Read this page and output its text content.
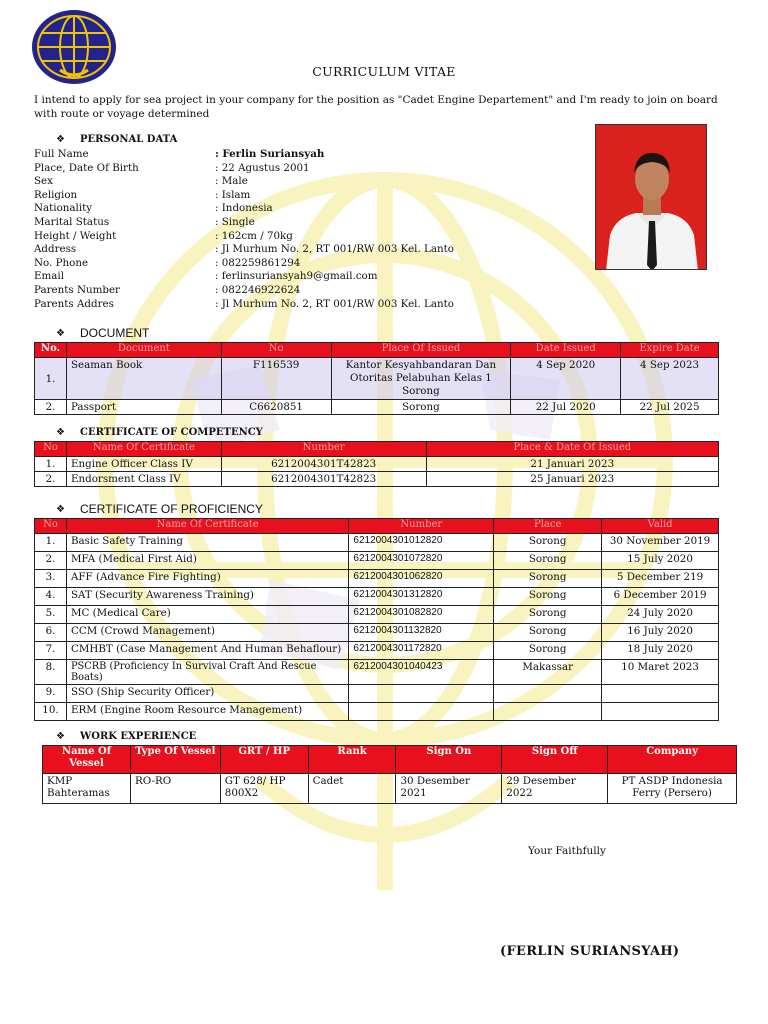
CURRICULUM VITAE
I intend to apply for sea project in your company for the position as "Cadet Engine Departement" and I'm ready to join on board with route or voyage determined
❖	PERSONAL DATA
Full Name	: Ferlin Suriansyah
Place, Date Of Birth	: 22 Agustus 2001
Sex	: Male
Religion	: Islam
Nationality	: Indonesia
Marital Status	: Single
Height / Weight	: 162cm / 70kg
Address	: Jl Murhum No. 2, RT 001/RW 003 Kel. Lanto
No. Phone	: 082259861294
Email	: ferlinsuriansyah9@gmail.com
Parents Number	: 082246922624
Parents Addres	: Jl Murhum No. 2, RT 001/RW 003 Kel. Lanto
❖	DOCUMENT
No.	Document	No	Place Of Issued	Date Issued	Expire Date
1.	Seaman Book	F116539	Kantor Kesyahbandaran Dan Otoritas Pelabuhan Kelas 1 Sorong	4 Sep 2020	4 Sep 2023
2.	Passport	C6620851	Sorong	22 Jul 2020	22 Jul 2025
❖	CERTIFICATE OF COMPETENCY
No	Name Of Certificate	Number	Place & Date Of Issued
1.	Engine Officer Class IV	6212004301T42823	21 Januari 2023
2.	Endorsment Class IV	6212004301T42823	25 Januari 2023
❖	CERTIFICATE OF PROFICIENCY
No	Name Of Certificate	Number	Place	Valid
1.	Basic Safety Training	6212004301012820	Sorong	30 November 2019
2.	MFA (Medical First Aid)	6212004301072820	Sorong	15 July 2020
3.	AFF (Advance Fire Fighting)	6212004301062820	Sorong	5 December 219
4.	SAT (Security Awareness Training)	6212004301312820	Sorong	6 December 2019
5.	MC (Medical Care)	6212004301082820	Sorong	24 July 2020
6.	CCM (Crowd Management)	6212004301132820	Sorong	16 July 2020
7.	CMHBT (Case Management And Human Behaflour)	6212004301172820	Sorong	18 July 2020
8.	PSCRB (Proficiency In Survival Craft And Rescue Boats)	6212004301040423	Makassar	10 Maret 2023
9.	SSO (Ship Security Officer)			
10.	ERM (Engine Room Resource Management)			
❖	WORK EXPERIENCE
Name Of Vessel	Type Of Vessel	GRT / HP	Rank	Sign On	Sign Off	Company
KMP Bahteramas	RO-RO	GT 628/ HP 800X2	Cadet	30 Desember 2021	29 Desember 2022	PT ASDP Indonesia Ferry (Persero)
Your Faithfully
(FERLIN SURIANSYAH)
